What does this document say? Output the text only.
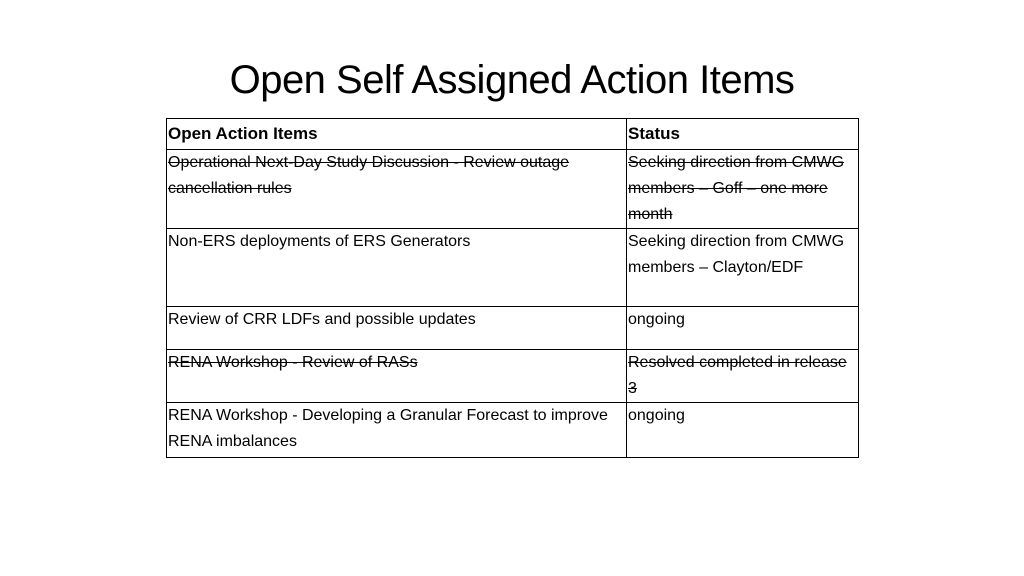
Open Self Assigned Action Items
Open Action Items	Status
Operational Next-Day Study Discussion - Review outage cancellation rules	Seeking direction from CMWG members – Goff – one more month
Non-ERS deployments of ERS Generators	Seeking direction from CMWG members – Clayton/EDF
Review of CRR LDFs and possible updates	ongoing
RENA Workshop - Review of RASs	Resolved completed in release 3
RENA Workshop - Developing a Granular Forecast to improve RENA imbalances	ongoing
